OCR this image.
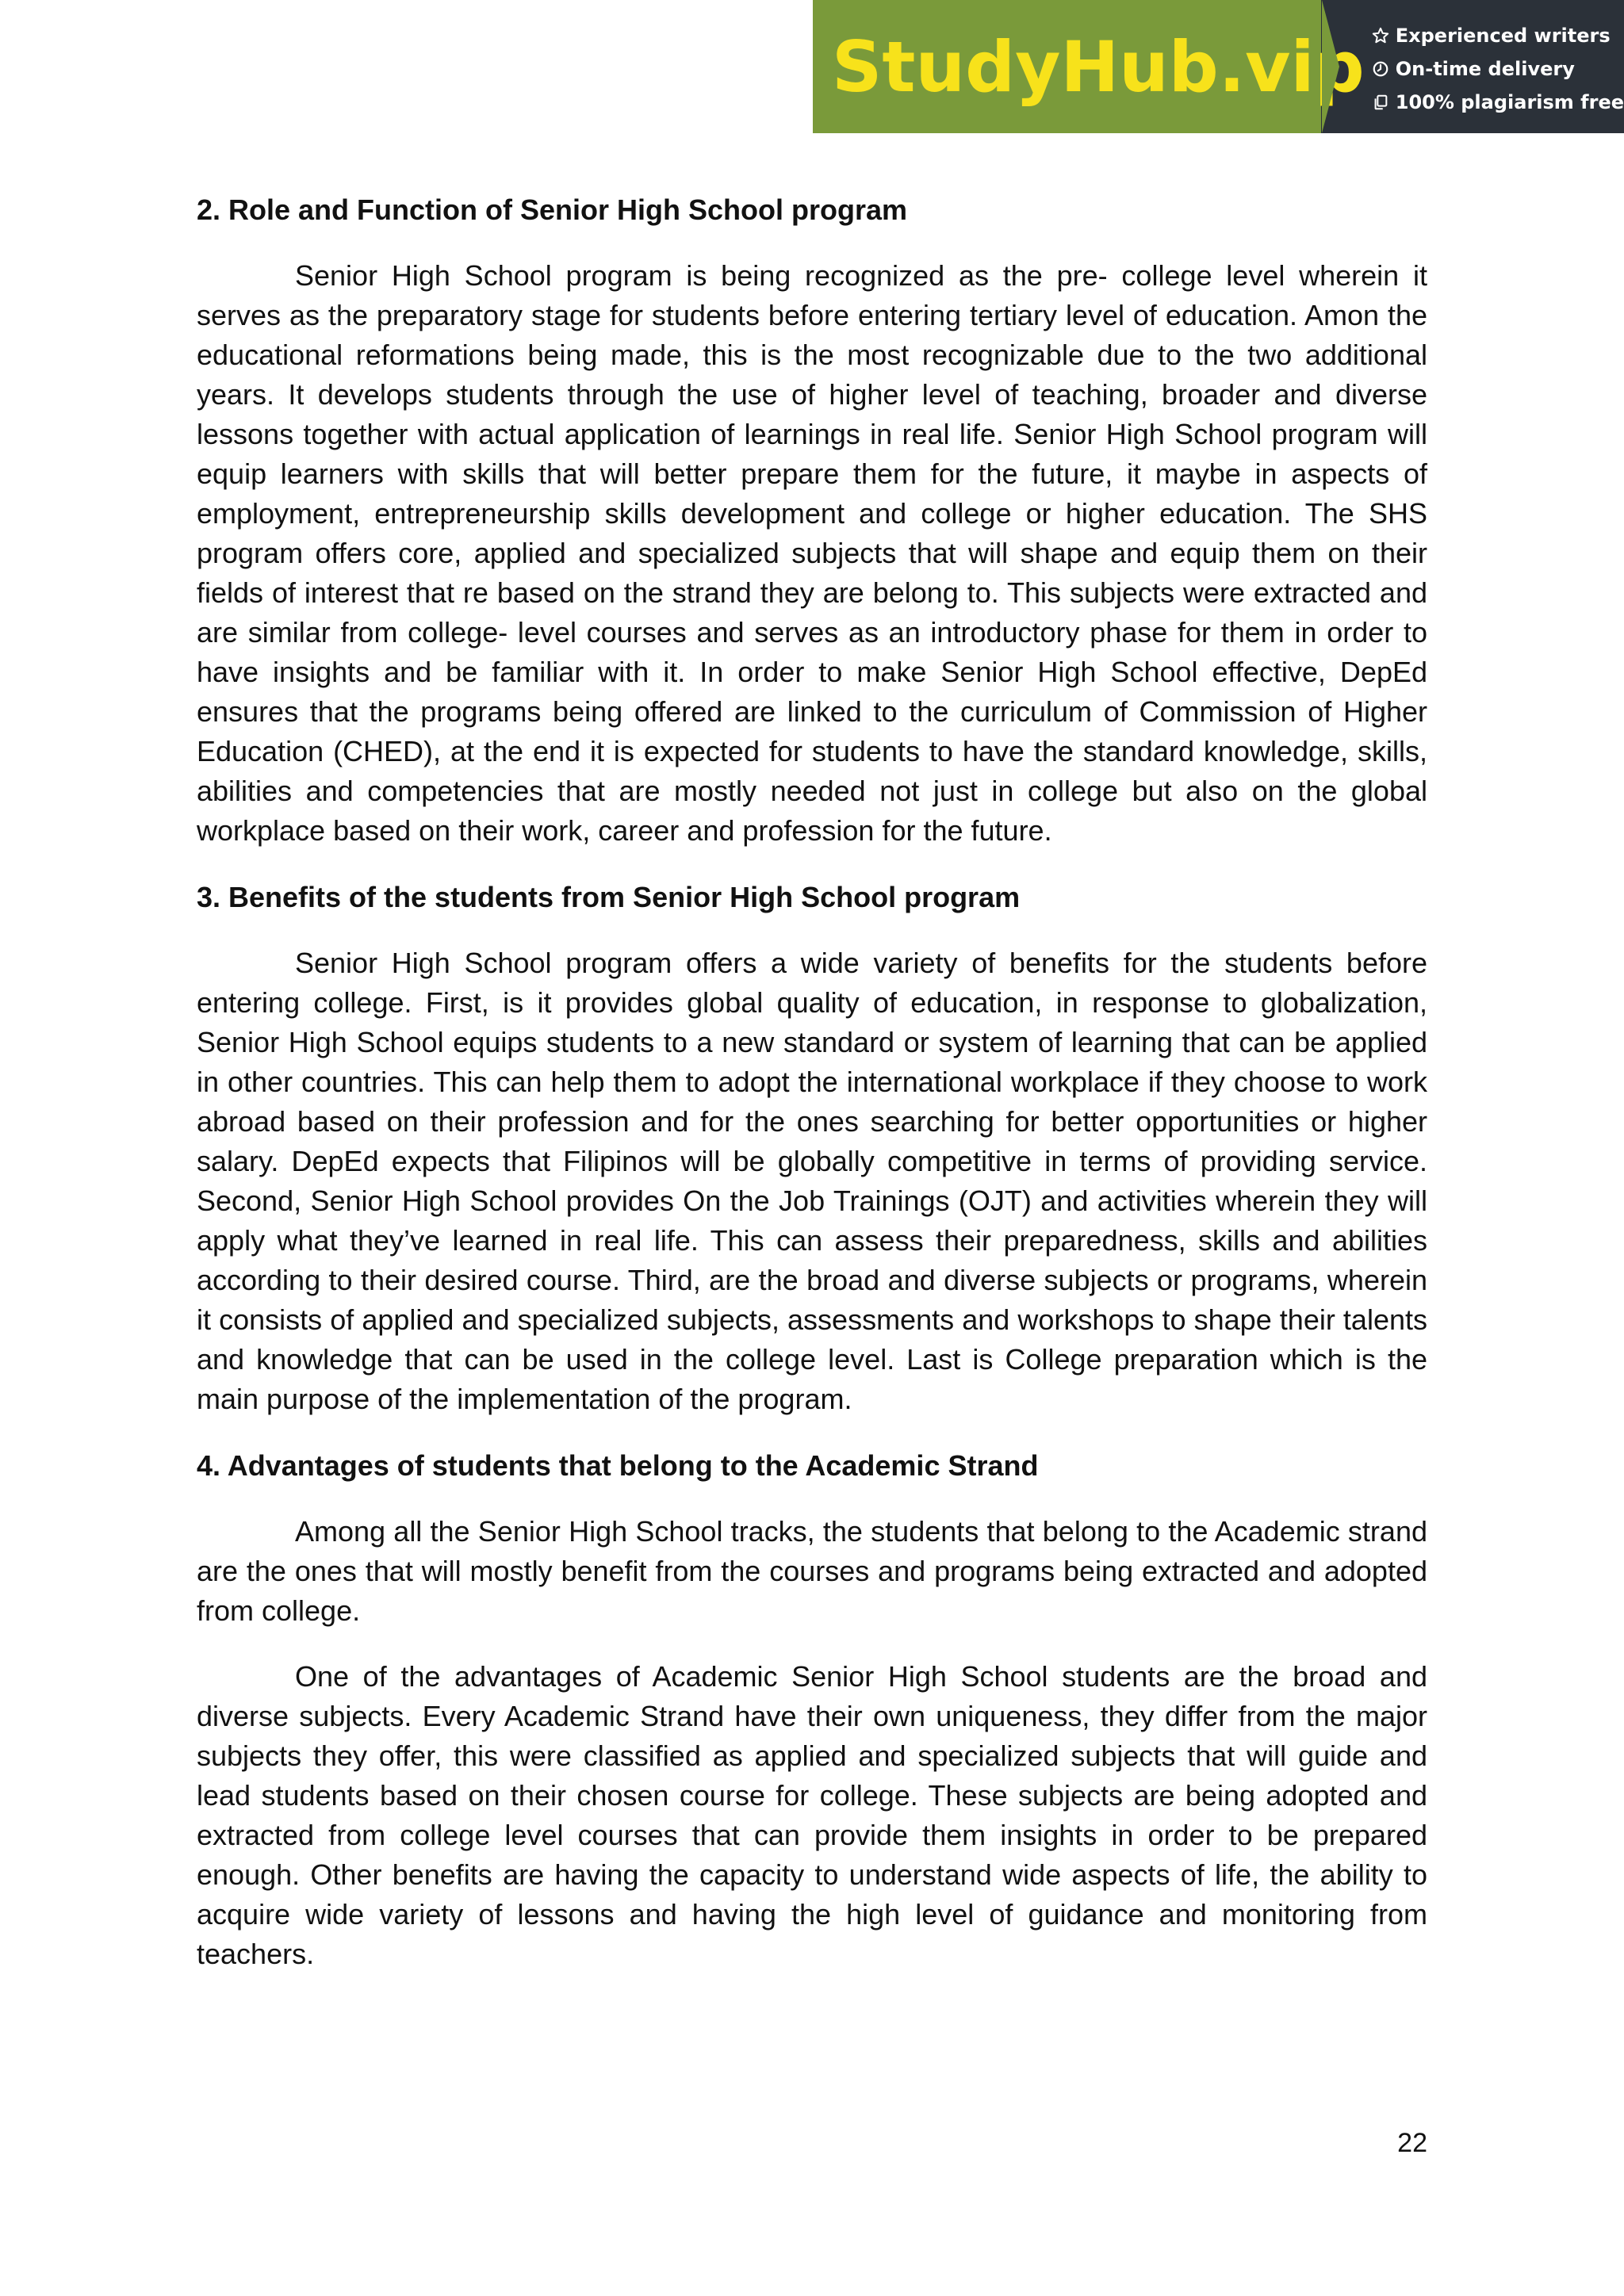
StudyHub.vip Experienced writers
On-time delivery
100% plagiarism free
2. Role and Function of Senior High School program

Senior High School program is being recognized as the pre- college level wherein it serves as the preparatory stage for students before entering tertiary level of education. Amon the educational reformations being made, this is the most recognizable due to the two additional years. It develops students through the use of higher level of teaching, broader and diverse lessons together with actual application of learnings in real life. Senior High School program will equip learners with skills that will better prepare them for the future, it maybe in aspects of employment, entrepreneurship skills development and college or higher education. The SHS program offers core, applied and specialized subjects that will shape and equip them on their fields of interest that re based on the strand they are belong to. This subjects were extracted and are similar from college- level courses and serves as an introductory phase for them in order to have insights and be familiar with it. In order to make Senior High School effective, DepEd ensures that the programs being offered are linked to the curriculum of Commission of Higher Education (CHED), at the end it is expected for students to have the standard knowledge, skills, abilities and competencies that are mostly needed not just in college but also on the global workplace based on their work, career and profession for the future.

3. Benefits of the students from Senior High School program

Senior High School program offers a wide variety of benefits for the students before entering college. First, is it provides global quality of education, in response to globalization, Senior High School equips students to a new standard or system of learning that can be applied in other countries. This can help them to adopt the international workplace if they choose to work abroad based on their profession and for the ones searching for better opportunities or higher salary. DepEd expects that Filipinos will be globally competitive in terms of providing service. Second, Senior High School provides On the Job Trainings (OJT) and activities wherein they will apply what they’ve learned in real life. This can assess their preparedness, skills and abilities according to their desired course. Third, are the broad and diverse subjects or programs, wherein it consists of applied and specialized subjects, assessments and workshops to shape their talents and knowledge that can be used in the college level. Last is College preparation which is the main purpose of the implementation of the program.

4. Advantages of students that belong to the Academic Strand

Among all the Senior High School tracks, the students that belong to the Academic strand are the ones that will mostly benefit from the courses and programs being extracted and adopted from college.

One of the advantages of Academic Senior High School students are the broad and diverse subjects. Every Academic Strand have their own uniqueness, they differ from the major subjects they offer, this were classified as applied and specialized subjects that will guide and lead students based on their chosen course for college. These subjects are being adopted and extracted from college level courses that can provide them insights in order to be prepared enough. Other benefits are having the capacity to understand wide aspects of life, the ability to acquire wide variety of lessons and having the high level of guidance and monitoring from teachers.

22
